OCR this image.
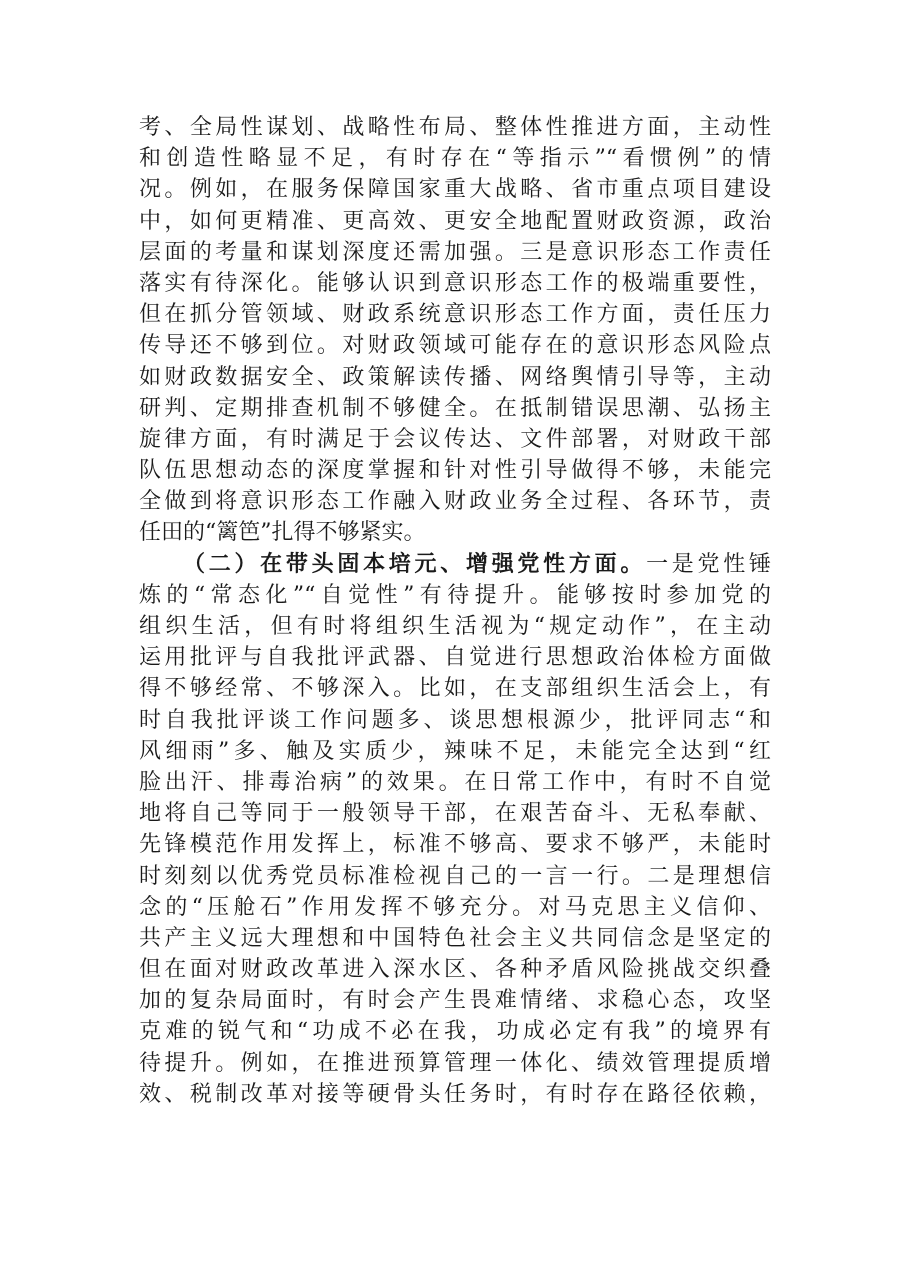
考、全局性谋划、战略性布局、整体性推进方面，主动性
和创造性略显不足，有时存在“等指示”“看惯例”的情
况。例如，在服务保障国家重大战略、省市重点项目建设
中，如何更精准、更高效、更安全地配置财政资源，政治
层面的考量和谋划深度还需加强。三是意识形态工作责任
落实有待深化。能够认识到意识形态工作的极端重要性，
但在抓分管领域、财政系统意识形态工作方面，责任压力
传导还不够到位。对财政领域可能存在的意识形态风险点
如财政数据安全、政策解读传播、网络舆情引导等，主动
研判、定期排查机制不够健全。在抵制错误思潮、弘扬主
旋律方面，有时满足于会议传达、文件部署，对财政干部
队伍思想动态的深度掌握和针对性引导做得不够，未能完
全做到将意识形态工作融入财政业务全过程、各环节，责
任田的“篱笆”扎得不够紧实。
（二）在带头固本培元、增强党性方面。一是党性锤
炼的“常态化”“自觉性”有待提升。能够按时参加党的
组织生活，但有时将组织生活视为“规定动作”，在主动
运用批评与自我批评武器、自觉进行思想政治体检方面做
得不够经常、不够深入。比如，在支部组织生活会上，有
时自我批评谈工作问题多、谈思想根源少，批评同志“和
风细雨”多、触及实质少，辣味不足，未能完全达到“红
脸出汗、排毒治病”的效果。在日常工作中，有时不自觉
地将自己等同于一般领导干部，在艰苦奋斗、无私奉献、
先锋模范作用发挥上，标准不够高、要求不够严，未能时
时刻刻以优秀党员标准检视自己的一言一行。二是理想信
念的“压舱石”作用发挥不够充分。对马克思主义信仰、
共产主义远大理想和中国特色社会主义共同信念是坚定的
但在面对财政改革进入深水区、各种矛盾风险挑战交织叠
加的复杂局面时，有时会产生畏难情绪、求稳心态，攻坚
克难的锐气和“功成不必在我，功成必定有我”的境界有
待提升。例如，在推进预算管理一体化、绩效管理提质增
效、税制改革对接等硬骨头任务时，有时存在路径依赖，
